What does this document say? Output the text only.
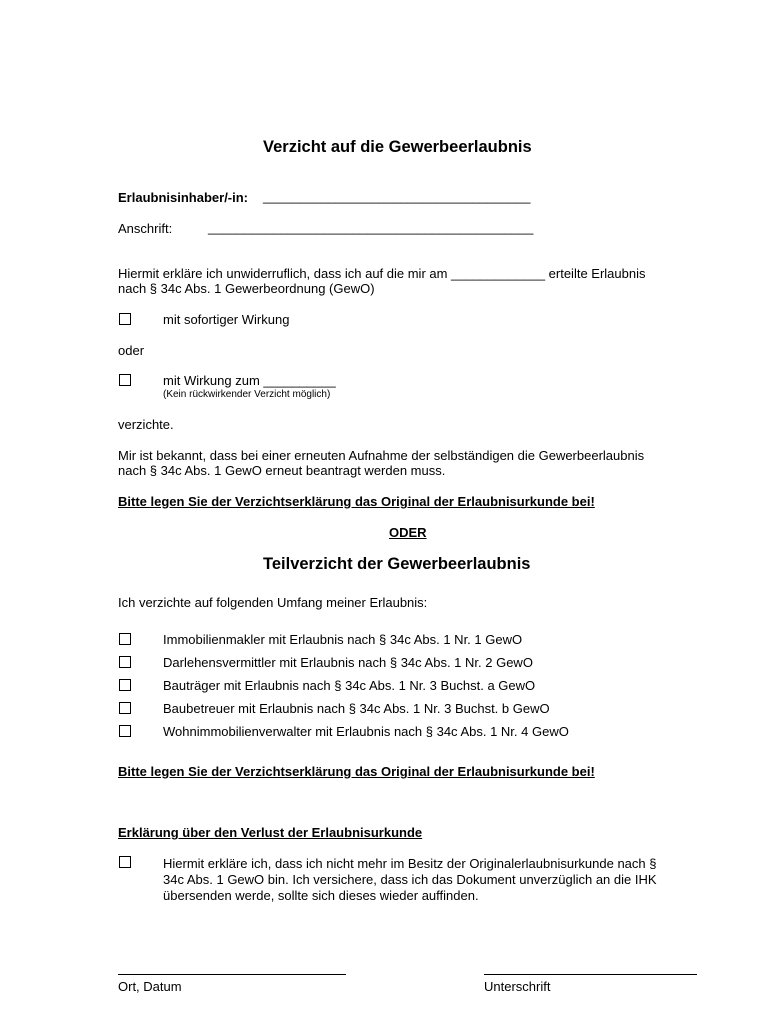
Verzicht auf die Gewerbeerlaubnis
Erlaubnisinhaber/-in: _____________________________________
Anschrift:	_____________________________________________
Hiermit erkläre ich unwiderruflich, dass ich auf die mir am _____________ erteilte Erlaubnis
nach § 34c Abs. 1 Gewerbeordnung (GewO)
mit sofortiger Wirkung
oder
mit Wirkung zum __________
(Kein rückwirkender Verzicht möglich)
verzichte.
Mir ist bekannt, dass bei einer erneuten Aufnahme der selbständigen die Gewerbeerlaubnis
nach § 34c Abs. 1 GewO erneut beantragt werden muss.
Bitte legen Sie der Verzichtserklärung das Original der Erlaubnisurkunde bei!
ODER
Teilverzicht der Gewerbeerlaubnis
Ich verzichte auf folgenden Umfang meiner Erlaubnis:
Immobilienmakler mit Erlaubnis nach § 34c Abs. 1 Nr. 1 GewO
Darlehensvermittler mit Erlaubnis nach § 34c Abs. 1 Nr. 2 GewO
Bauträger mit Erlaubnis nach § 34c Abs. 1 Nr. 3 Buchst. a GewO
Baubetreuer mit Erlaubnis nach § 34c Abs. 1 Nr. 3 Buchst. b GewO
Wohnimmobilienverwalter mit Erlaubnis nach § 34c Abs. 1 Nr. 4 GewO
Bitte legen Sie der Verzichtserklärung das Original der Erlaubnisurkunde bei!
Erklärung über den Verlust der Erlaubnisurkunde
Hiermit erkläre ich, dass ich nicht mehr im Besitz der Originalerlaubnisurkunde nach §
34c Abs. 1 GewO bin. Ich versichere, dass ich das Dokument unverzüglich an die IHK
übersenden werde, sollte sich dieses wieder auffinden.
Ort, Datum	Unterschrift
